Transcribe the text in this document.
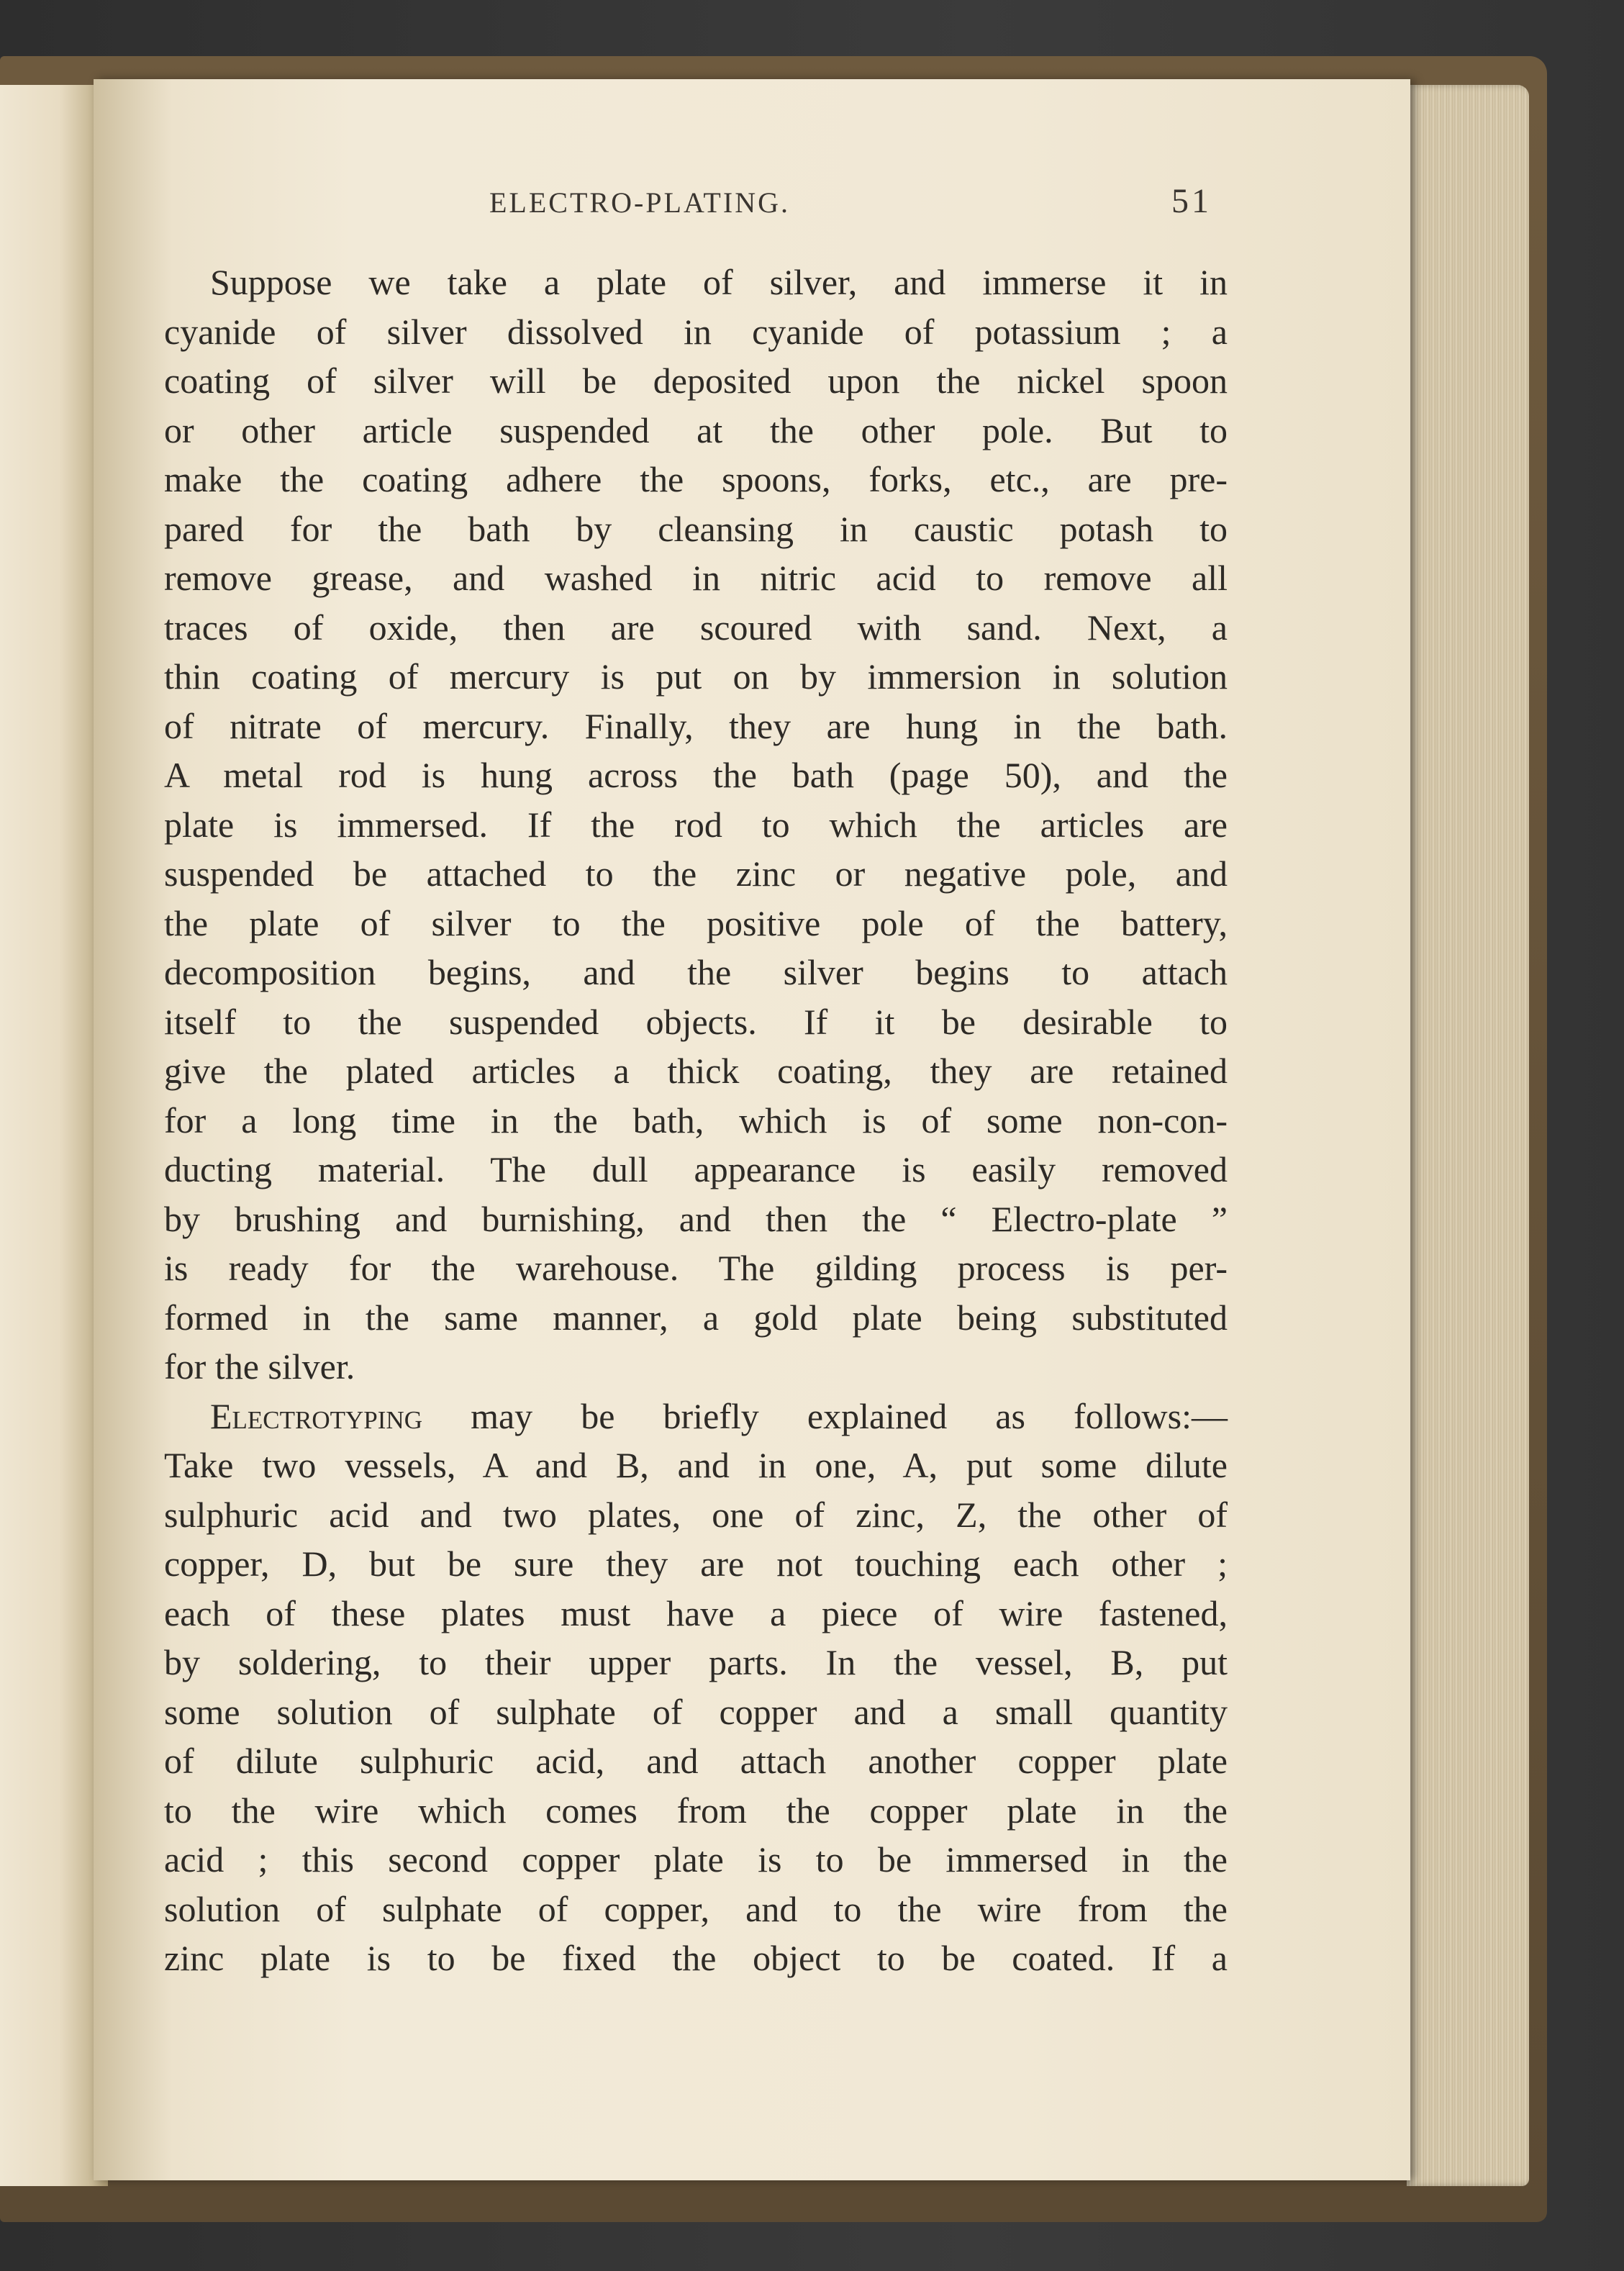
ELECTRO-PLATING.	51
Suppose we take a plate of silver, and immerse it in
cyanide of silver dissolved in cyanide of potassium ; a
coating of silver will be deposited upon the nickel spoon
or other article suspended at the other pole. But to
make the coating adhere the spoons, forks, etc., are pre-
pared for the bath by cleansing in caustic potash to
remove grease, and washed in nitric acid to remove all
traces of oxide, then are scoured with sand. Next, a
thin coating of mercury is put on by immersion in solution
of nitrate of mercury. Finally, they are hung in the bath.
A metal rod is hung across the bath (page 50), and the
plate is immersed. If the rod to which the articles are
suspended be attached to the zinc or negative pole, and
the plate of silver to the positive pole of the battery,
decomposition begins, and the silver begins to attach
itself to the suspended objects. If it be desirable to
give the plated articles a thick coating, they are retained
for a long time in the bath, which is of some non-con-
ducting material. The dull appearance is easily removed
by brushing and burnishing, and then the “ Electro-plate ”
is ready for the warehouse. The gilding process is per-
formed in the same manner, a gold plate being substituted
for the silver.
Electrotyping may be briefly explained as follows:—
Take two vessels, A and B, and in one, A, put some dilute
sulphuric acid and two plates, one of zinc, Z, the other of
copper, D, but be sure they are not touching each other ;
each of these plates must have a piece of wire fastened,
by soldering, to their upper parts. In the vessel, B, put
some solution of sulphate of copper and a small quantity
of dilute sulphuric acid, and attach another copper plate
to the wire which comes from the copper plate in the
acid ; this second copper plate is to be immersed in the
solution of sulphate of copper, and to the wire from the
zinc plate is to be fixed the object to be coated. If a
